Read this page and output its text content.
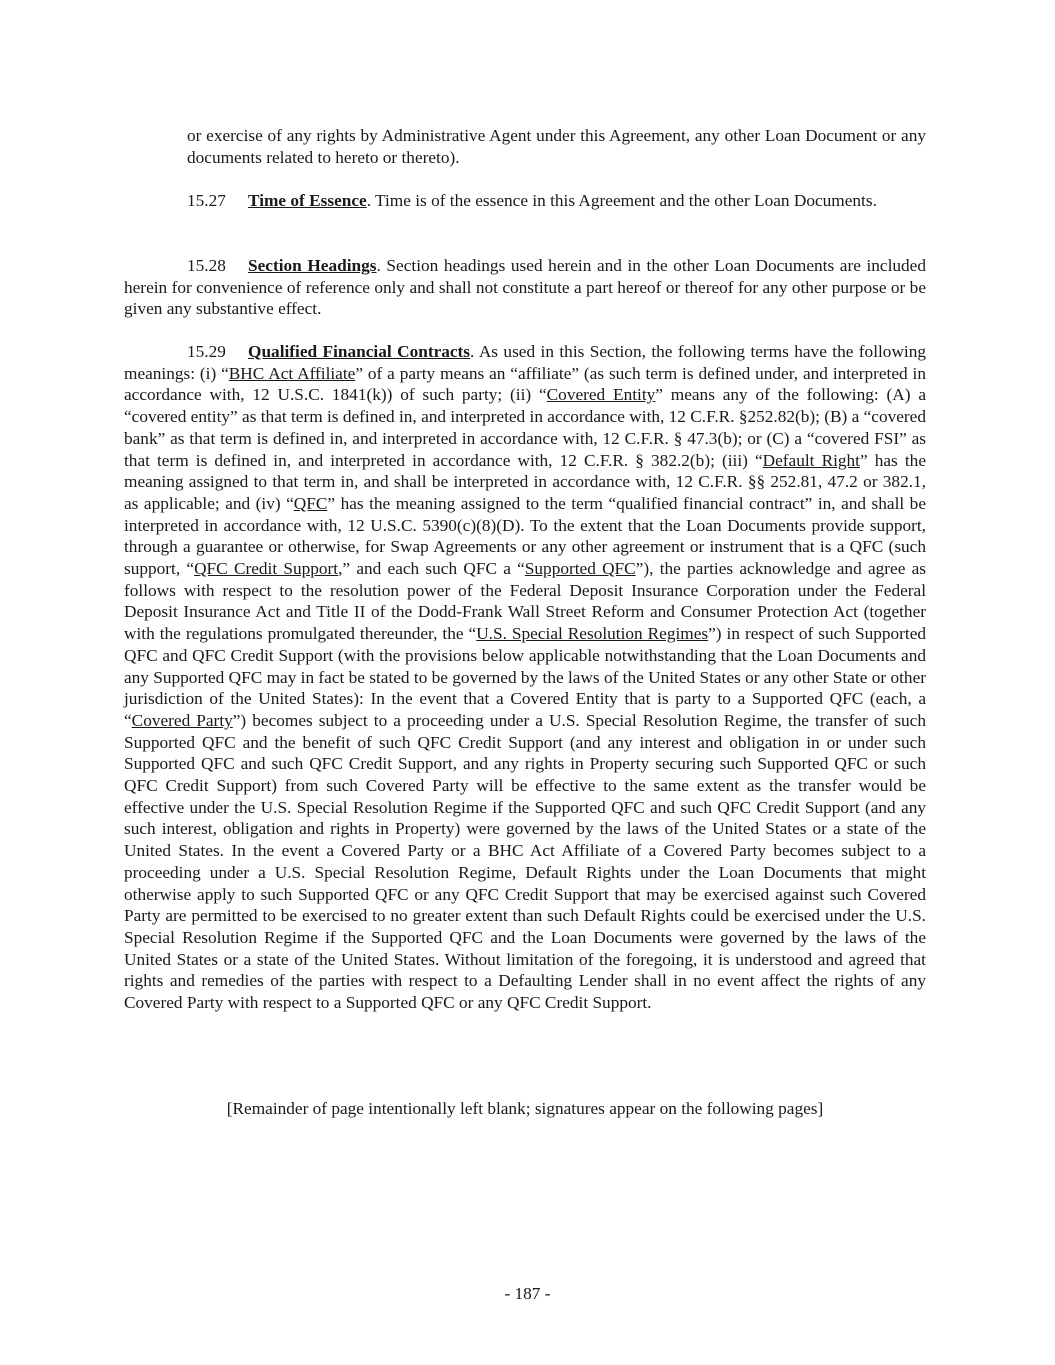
or exercise of any rights by Administrative Agent under this Agreement, any other Loan Document or any documents related to hereto or thereto).

15.27 Time of Essence. Time is of the essence in this Agreement and the other Loan Documents.

15.28 Section Headings. Section headings used herein and in the other Loan Documents are included herein for convenience of reference only and shall not constitute a part hereof or thereof for any other purpose or be given any substantive effect.

15.29 Qualified Financial Contracts. As used in this Section, the following terms have the following meanings: (i) “BHC Act Affiliate” of a party means an “affiliate” (as such term is defined under, and interpreted in accordance with, 12 U.S.C. 1841(k)) of such party; (ii) “Covered Entity” means any of the following: (A) a “covered entity” as that term is defined in, and interpreted in accordance with, 12 C.F.R. §252.82(b); (B) a “covered bank” as that term is defined in, and interpreted in accordance with, 12 C.F.R. § 47.3(b); or (C) a “covered FSI” as that term is defined in, and interpreted in accordance with, 12 C.F.R. § 382.2(b); (iii) “Default Right” has the meaning assigned to that term in, and shall be interpreted in accordance with, 12 C.F.R. §§ 252.81, 47.2 or 382.1, as applicable; and (iv) “QFC” has the meaning assigned to the term “qualified financial contract” in, and shall be interpreted in accordance with, 12 U.S.C. 5390(c)(8)(D). To the extent that the Loan Documents provide support, through a guarantee or otherwise, for Swap Agreements or any other agreement or instrument that is a QFC (such support, “QFC Credit Support,” and each such QFC a “Supported QFC”), the parties acknowledge and agree as follows with respect to the resolution power of the Federal Deposit Insurance Corporation under the Federal Deposit Insurance Act and Title II of the Dodd-Frank Wall Street Reform and Consumer Protection Act (together with the regulations promulgated thereunder, the “U.S. Special Resolution Regimes”) in respect of such Supported QFC and QFC Credit Support (with the provisions below applicable notwithstanding that the Loan Documents and any Supported QFC may in fact be stated to be governed by the laws of the United States or any other State or other jurisdiction of the United States): In the event that a Covered Entity that is party to a Supported QFC (each, a “Covered Party”) becomes subject to a proceeding under a U.S. Special Resolution Regime, the transfer of such Supported QFC and the benefit of such QFC Credit Support (and any interest and obligation in or under such Supported QFC and such QFC Credit Support, and any rights in Property securing such Supported QFC or such QFC Credit Support) from such Covered Party will be effective to the same extent as the transfer would be effective under the U.S. Special Resolution Regime if the Supported QFC and such QFC Credit Support (and any such interest, obligation and rights in Property) were governed by the laws of the United States or a state of the United States. In the event a Covered Party or a BHC Act Affiliate of a Covered Party becomes subject to a proceeding under a U.S. Special Resolution Regime, Default Rights under the Loan Documents that might otherwise apply to such Supported QFC or any QFC Credit Support that may be exercised against such Covered Party are permitted to be exercised to no greater extent than such Default Rights could be exercised under the U.S. Special Resolution Regime if the Supported QFC and the Loan Documents were governed by the laws of the United States or a state of the United States. Without limitation of the foregoing, it is understood and agreed that rights and remedies of the parties with respect to a Defaulting Lender shall in no event affect the rights of any Covered Party with respect to a Supported QFC or any QFC Credit Support.

[Remainder of page intentionally left blank; signatures appear on the following pages]

- 187 -
